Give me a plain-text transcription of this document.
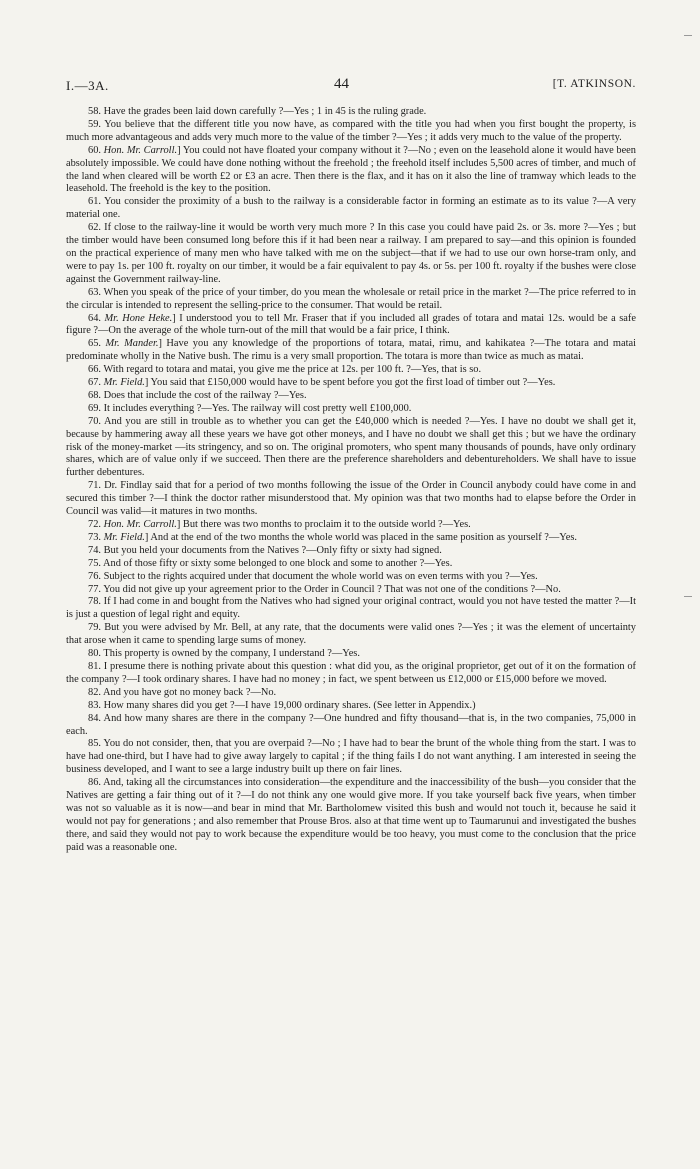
I.—3A.	44	[T. ATKINSON.

58. Have the grades been laid down carefully ?—Yes ; 1 in 45 is the ruling grade.

59. You believe that the different title you now have, as compared with the title you had when you first bought the property, is much more advantageous and adds very much more to the value of the timber ?—Yes ; it adds very much to the value of the property.

60. Hon. Mr. Carroll.] You could not have floated your company without it ?—No ; even on the leasehold alone it would have been absolutely impossible. We could have done nothing without the freehold ; the freehold itself includes 5,500 acres of timber, and much of the land when cleared will be worth £2 or £3 an acre. Then there is the flax, and it has on it also the line of tramway which leads to the leasehold. The freehold is the key to the position.

61. You consider the proximity of a bush to the railway is a considerable factor in forming an estimate as to its value ?—A very material one.

62. If close to the railway-line it would be worth very much more ? In this case you could have paid 2s. or 3s. more ?—Yes ; but the timber would have been consumed long before this if it had been near a railway. I am prepared to say—and this opinion is founded on the practical experience of many men who have talked with me on the subject—that if we had to use our own horse-tram only, and were to pay 1s. per 100 ft. royalty on our timber, it would be a fair equivalent to pay 4s. or 5s. per 100 ft. royalty if the bushes were close against the Government railway-line.

63. When you speak of the price of your timber, do you mean the wholesale or retail price in the market ?—The price referred to in the circular is intended to represent the selling-price to the consumer. That would be retail.

64. Mr. Hone Heke.] I understood you to tell Mr. Fraser that if you included all grades of totara and matai 12s. would be a safe figure ?—On the average of the whole turn-out of the mill that would be a fair price, I think.

65. Mr. Mander.] Have you any knowledge of the proportions of totara, matai, rimu, and kahikatea ?—The totara and matai predominate wholly in the Native bush. The rimu is a very small proportion. The totara is more than twice as much as matai.

66. With regard to totara and matai, you give me the price at 12s. per 100 ft. ?—Yes, that is so.

67. Mr. Field.] You said that £150,000 would have to be spent before you got the first load of timber out ?—Yes.

68. Does that include the cost of the railway ?—Yes.

69. It includes everything ?—Yes. The railway will cost pretty well £100,000.

70. And you are still in trouble as to whether you can get the £40,000 which is needed ?—Yes. I have no doubt we shall get it, because by hammering away all these years we have got other moneys, and I have no doubt we shall get this ; but we have the ordinary risk of the money-market —its stringency, and so on. The original promoters, who spent many thousands of pounds, have only ordinary shares, which are of value only if we succeed. Then there are the preference shareholders and debentureholders. We shall have to issue further debentures.

71. Dr. Findlay said that for a period of two months following the issue of the Order in Council anybody could have come in and secured this timber ?—I think the doctor rather misunderstood that. My opinion was that two months had to elapse before the Order in Council was valid—it matures in two months.

72. Hon. Mr. Carroll.] But there was two months to proclaim it to the outside world ?—Yes.

73. Mr. Field.] And at the end of the two months the whole world was placed in the same position as yourself ?—Yes.

74. But you held your documents from the Natives ?—Only fifty or sixty had signed.

75. And of those fifty or sixty some belonged to one block and some to another ?—Yes.

76. Subject to the rights acquired under that document the whole world was on even terms with you ?—Yes.

77. You did not give up your agreement prior to the Order in Council ? That was not one of the conditions ?—No.

78. If I had come in and bought from the Natives who had signed your original contract, would you not have tested the matter ?—It is just a question of legal right and equity.

79. But you were advised by Mr. Bell, at any rate, that the documents were valid ones ?—Yes ; it was the element of uncertainty that arose when it came to spending large sums of money.

80. This property is owned by the company, I understand ?—Yes.

81. I presume there is nothing private about this question : what did you, as the original proprietor, get out of it on the formation of the company ?—I took ordinary shares. I have had no money ; in fact, we spent between us £12,000 or £15,000 before we moved.

82. And you have got no money back ?—No.

83. How many shares did you get ?—I have 19,000 ordinary shares. (See letter in Appendix.)

84. And how many shares are there in the company ?—One hundred and fifty thousand—that is, in the two companies, 75,000 in each.

85. You do not consider, then, that you are overpaid ?—No ; I have had to bear the brunt of the whole thing from the start. I was to have had one-third, but I have had to give away largely to capital ; if the thing fails I do not want anything. I am interested in seeing the business developed, and I want to see a large industry built up there on fair lines.

86. And, taking all the circumstances into consideration—the expenditure and the inaccessibility of the bush—you consider that the Natives are getting a fair thing out of it ?—I do not think any one would give more. If you take yourself back five years, when timber was not so valuable as it is now—and bear in mind that Mr. Bartholomew visited this bush and would not touch it, because he said it would not pay for generations ; and also remember that Prouse Bros. also at that time went up to Taumarunui and investigated the bushes there, and said they would not pay to work because the expenditure would be too heavy, you must come to the conclusion that the price paid was a reasonable one.
